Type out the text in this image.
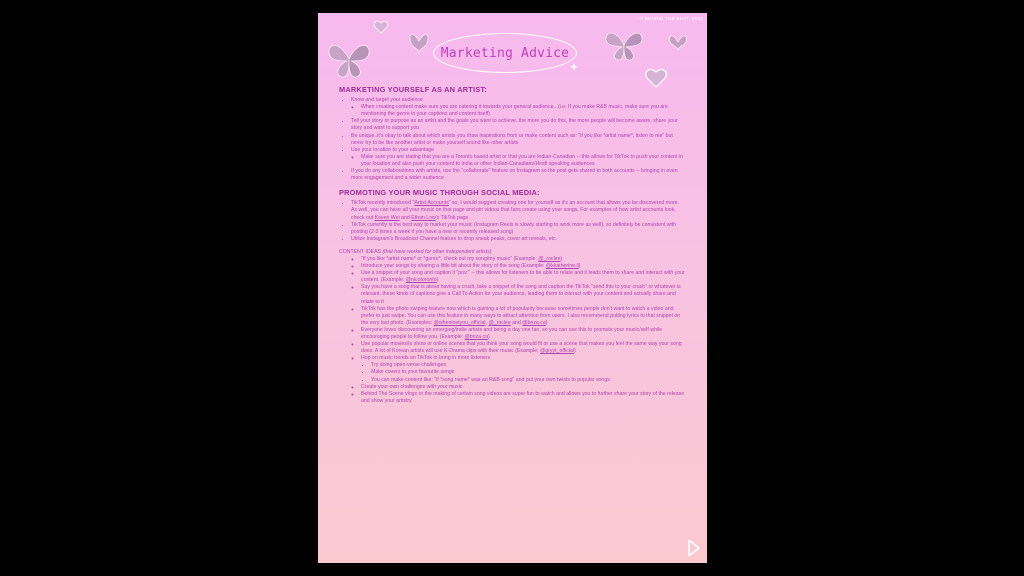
© BEHIND THE BEAT, 2024
Marketing Advice
MARKETING YOURSELF AS AN ARTIST:
• Know and target your audience
◦ When creating content make sure you are catering it towards your general audience...(i.e. If you make R&B music, make sure you are mentioning the genre in your captions and content itself)
• Tell your story or purpose as an artist and the goals you want to achieve..the more you do this, the more people will become aware, share your story and want to support you
• Be unique..it's okay to talk about which artists you draw inspirations from or make content such as: "if you like *artist name*, listen to me" but never try to be like another artist or make yourself sound like other artists
• Use your location to your advantage
◦ Make sure you are stating that you are a Toronto based artist or that you are Indian-Canadian -- this allows for TikTok to push your content in your location and also push your content to India or other Indian-Canadians/Hindi speaking audiences
• If you do any collaborations with artists, use the "collaborate" feature on Instagram so the post gets shared to both accounts -- bringing in even more engagement and a wider audience
PROMOTING YOUR MUSIC THROUGH SOCIAL MEDIA:
• TikTok recently introduced "Artist Accounts" so, I would suggest creating one for yourself as it's an account that allows you be discovered more. As well, you can have all your music on that page and pin videos that fans create using your songs. For examples of how artist accounts look, check out Koven Wei and Ethan Low's TikTok page
• TikTok currently is the best way to market your music (Instagram Reels is slowly starting to work more as well), so definitely be consistent with posting (2-3 times a week if you have a new or recently released song)
• Utilize Instagram's Broadcast Channel feature to drop sneak peaks, cover art reveals, etc.
CONTENT IDEAS (that have worked for other independent artists)
◦ "If you like *artist name* or *genre*, check out my song/my music" (Example: @_roclee)
◦ Introduce your songs by sharing a little bit about the story of the song (Example: @kkatherine.li)
◦ Use a snippet of your song and caption it "pov:" -- this allows for listeners to be able to relate and it leads them to share and interact with your content. (Example: @nicotoronto)
◦ Say you have a song that is about having a crush, take a snippet of the song and caption the TikTok "send this to your crush" or whatever is relevant..these kinds of captions give a Call To Action for your audience, leading them to interact with your content and actually share and relate to it
◦ TikTok has the photo swiping feature now which is gaining a lot of popularity because sometimes people don't want to watch a video and prefer to just swipe. You can use this feature in many ways to attract attention from users. I also recommend putting lyrics to that snippet on the very last photo. (Examples: @wheninetyou_official, @_roclee and @bnza.ca)
◦ Everyone loves discovering an emerging/indie artists and being a day one fan, so you can use this to promote your music/self while encouraging people to follow you. (Example: @bnza.ca)
◦ Use popular movies/tv show or online scenes that you think your song would fit or use a scene that makes you feel the same way your song does. A lot of Korean artists will use K-Drama clips with their music (Example: @gryyt_official)
◦ Hop on music trends on TikTok to bring in more listeners
▪ Try doing open-verse challenges
▪ Make covers to your favourite songs
▪ You can make content like; "if *song name* was an R&B song" and put your own twists to popular songs
◦ Create your own challenges with your music
◦ Behind The Scene vlogs or the making of certain song videos are super fun to watch and allows you to further share your story of the release and show your artistry
